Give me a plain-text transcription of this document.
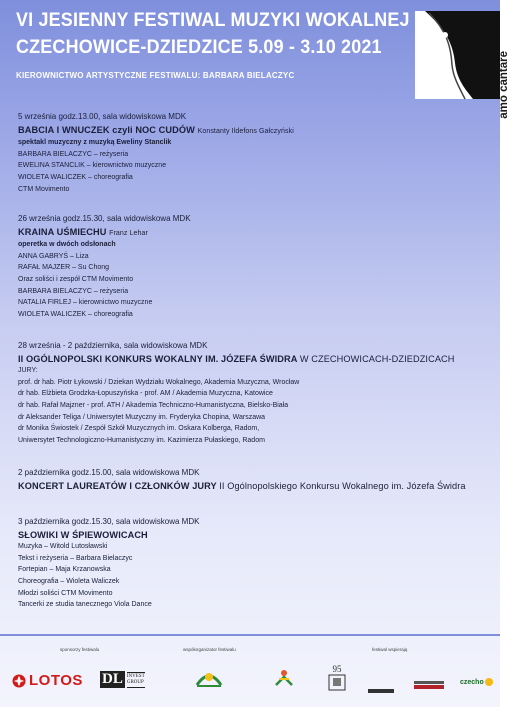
VI JESIENNY FESTIWAL MUZYKI WOKALNEJ
CZECHOWICE-DZIEDZICE 5.09 - 3.10 2021
KIEROWNICTWO ARTYSTYCZNE FESTIWALU: BARBARA BIELACZYC	amo cantare
5 września godz.13.00, sala widowiskowa MDK
BABCIA I WNUCZEK czyli NOC CUDÓW Konstanty Ildefons Gałczyński
spektakl muzyczny z muzyką Eweliny Stanclik
BARBARA BIELACZYC – reżyseria
EWELINA STANCLIK – kierownictwo muzyczne
WIOLETA WALICZEK – choreografia
CTM Movimento
26 września godz.15.30, sala widowiskowa MDK
KRAINA UŚMIECHU Franz Lehar
operetka w dwóch odsłonach
ANNA GABRYŚ – Liza
RAFAŁ MAJZER – Su Chong
Oraz soliści i zespół CTM Movimento
BARBARA BIELACZYC – reżyseria
NATALIA FIRLEJ – kierownictwo muzyczne
WIOLETA WALICZEK – choreografia
28 września - 2 października, sala widowiskowa MDK
II OGÓLNOPOLSKI KONKURS WOKALNY IM. JÓZEFA ŚWIDRA W CZECHOWICACH-DZIEDZICACH
JURY:
prof. dr hab. Piotr Łykowski / Dziekan Wydziału Wokalnego, Akademia Muzyczna, Wrocław
dr hab. Elżbieta Grodzka-Łopuszyńska - prof. AM / Akademia Muzyczna, Katowice
dr hab. Rafał Majzner - prof. ATH / Akademia Techniczno-Humanistyczna, Bielsko-Biała
dr Aleksander Teliga / Uniwersytet Muzyczny im. Fryderyka Chopina, Warszawa
dr Monika Świostek / Zespół Szkół Muzycznych im. Oskara Kolberga, Radom,
Uniwersytet Technologiczno-Humanistyczny im. Kazimierza Pułaskiego, Radom
2 października godz.15.00, sala widowiskowa MDK
KONCERT LAUREATÓW I CZŁONKÓW JURY II Ogólnopolskiego Konkursu Wokalnego im. Józefa Świdra
3 października godz.15.30, sala widowiskowa MDK
SŁOWIKI W ŚPIEWOWICACH
Muzyka – Witold Lutosławski
Tekst i reżyseria – Barbara Bielaczyc
Fortepian – Maja Krzanowska
Choreografia – Wioleta Waliczek
Młodzi soliści CTM Movimento
Tancerki ze studia tanecznego Viola Dance
sponsorzy festiwalu	współorganizator festiwalu	festiwal wspierają
LOTOS DL INVEST
GROUP
95
czecho
